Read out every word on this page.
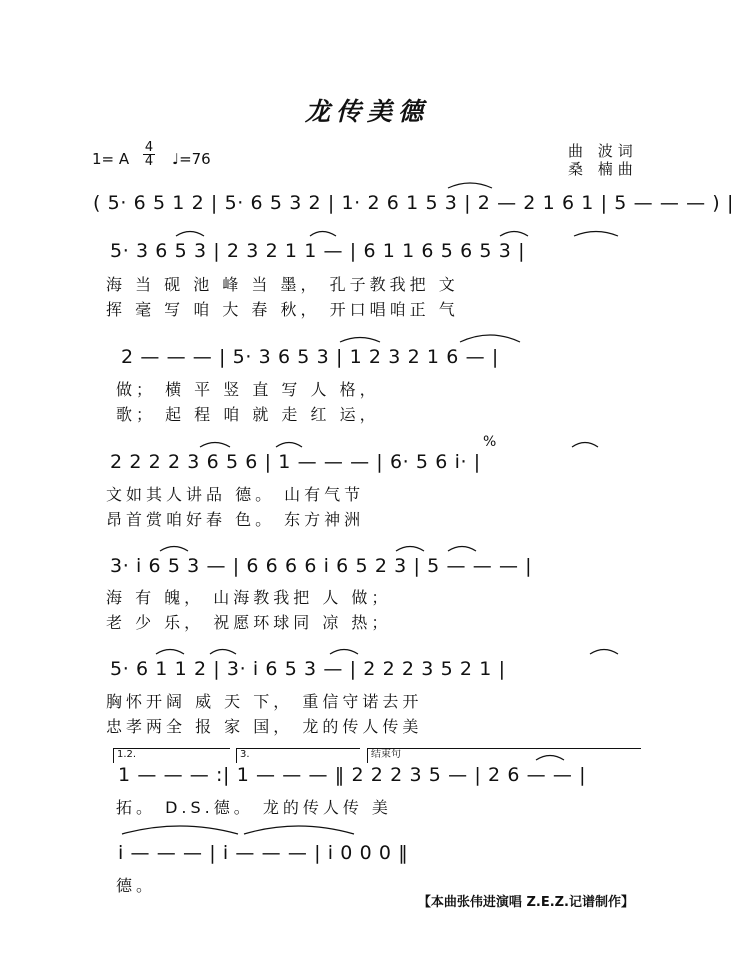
龙传美德
1= A $\frac{4}{4}$ ♩=76	曲 波词
桑 楠曲
( 5· 6 5 1 2 | 5· 6 5 3 2 | 1· 2 6 1 5 3 | 2 — 2 1 6 1 | 5 — — — ) |
5· 3 6 5 3 | 2 3 2 1 1 — | 6 1 1 6 5 6 5 3 |
海 当 砚 池 峰 当 墨， 孔子教我把 文
挥 毫 写 咱 大 春 秋， 开口唱咱正 气
2 — — — | 5· 3 6 5 3 | 1 2 3 2 1 6 — |
做； 横 平 竖 直 写 人 格，
歌； 起 程 咱 就 走 红 运，
%
2 2 2 2 3 6 5 6 | 1 — — — | 6· 5 6 i· |
文如其人讲品 德。 山有气节
昂首赏咱好春 色。 东方神洲
3· i 6 5 3 — | 6 6 6 6 i 6 5 2 3 | 5 — — — |
海 有 魄， 山海教我把 人 做；
老 少 乐， 祝愿环球同 凉 热；
5· 6 1 1 2 | 3· i 6 5 3 — | 2 2 2 3 5 2 1 |
胸怀开阔 威 天 下， 重信守诺去开
忠孝两全 报 家 国， 龙的传人传美
1.2.	3.	结束句
1 — — — :| 1 — — — ‖ 2 2 2 3 5 — | 2 6 — — |
拓。 D.S.德。 龙的传人传 美
i — — — | i — — — | i 0 0 0 ‖
德。
【本曲张伟进演唱 Z.E.Z.记谱制作】
